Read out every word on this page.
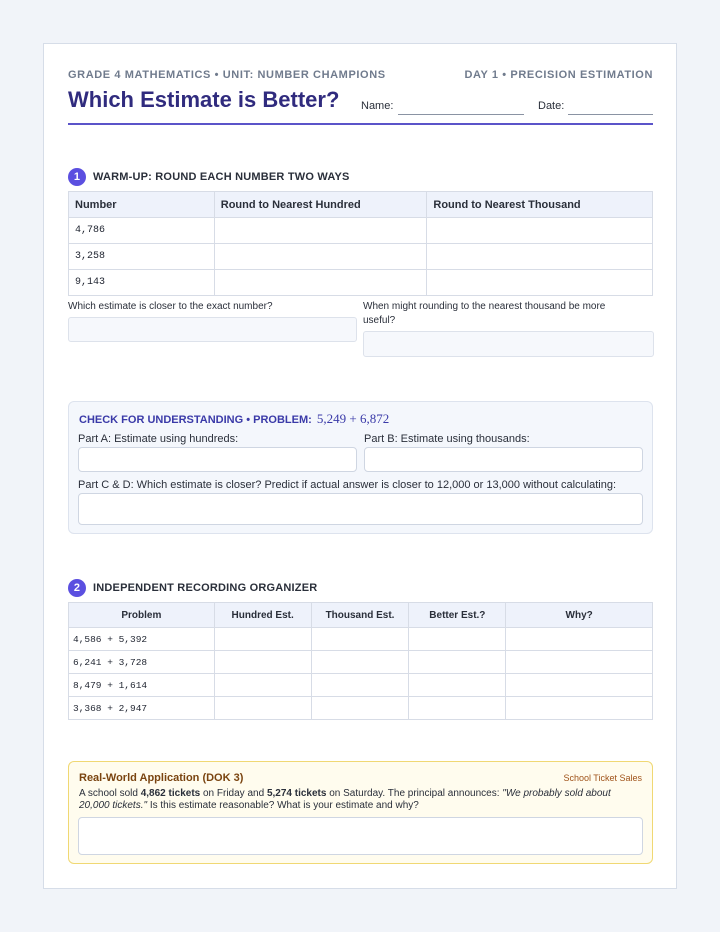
GRADE 4 MATHEMATICS • UNIT: NUMBER CHAMPIONS	DAY 1 • PRECISION ESTIMATION
Which Estimate is Better? Name:	Date:
1 WARM-UP: ROUND EACH NUMBER TWO WAYS
Number	Round to Nearest Hundred	Round to Nearest Thousand
4,786		
3,258		
9,143		
Which estimate is closer to the exact number?	When might rounding to the nearest thousand be more useful?
CHECK FOR UNDERSTANDING • PROBLEM: 5,249 + 6,872
Part A: Estimate using hundreds:	Part B: Estimate using thousands:
Part C & D: Which estimate is closer? Predict if actual answer is closer to 12,000 or 13,000 without calculating:
2 INDEPENDENT RECORDING ORGANIZER
Problem	Hundred Est.	Thousand Est.	Better Est.?	Why?
4,586 + 5,392				
6,241 + 3,728				
8,479 + 1,614				
3,368 + 2,947				
Real-World Application (DOK 3)	School Ticket Sales
A school sold 4,862 tickets on Friday and 5,274 tickets on Saturday. The principal announces: "We probably sold about 20,000 tickets." Is this estimate reasonable? What is your estimate and why?
